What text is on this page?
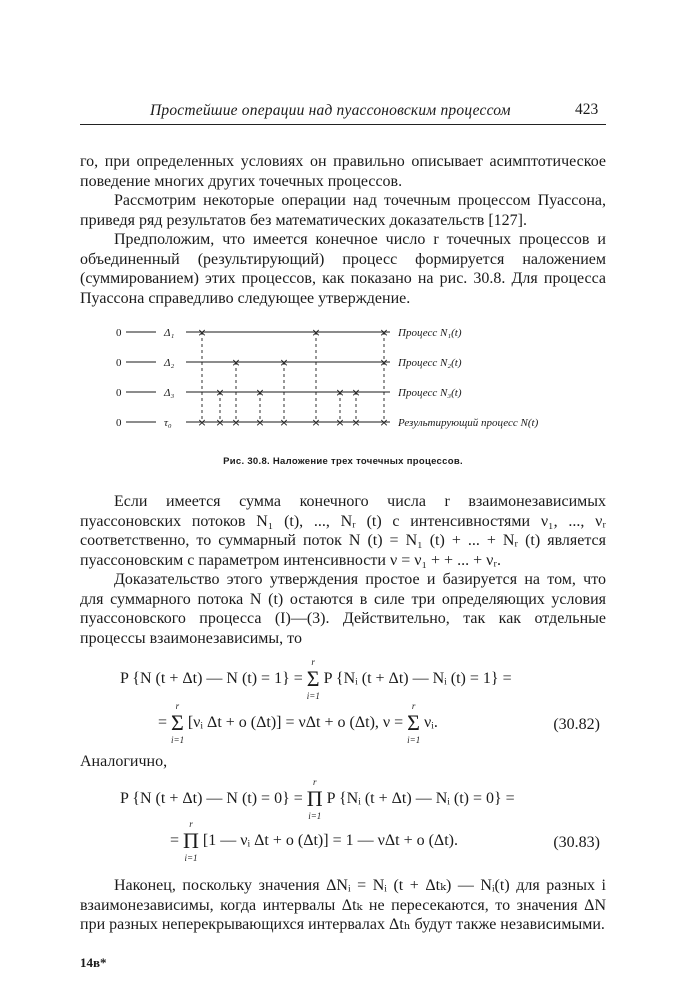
Простейшие операции над пуассоновским процессом	423

го, при определенных условиях он правильно описывает асимптотическое поведение многих других точечных процессов.

Рассмотрим некоторые операции над точечным процессом Пуассона, приведя ряд результатов без математических доказательств [127].

Предположим, что имеется конечное число r точечных процессов и объединенный (результирующий) процесс формируется наложением (суммированием) этих процессов, как показано на рис. 30.8. Для процесса Пуассона справедливо следующее утверждение.

0	Δ₁	Процесс N₁(t)
0	Δ₂	Процесс N₂(t)
0	Δ₃	Процесс N₃(t)
0	τ₀	Результирующий процесс N(t)
×	×	×
×	×	×
×	×	× ×
× × × × × × × × ×
Рис. 30.8. Наложение трех точечных процессов.

Если имеется сумма конечного числа r взаимонезависимых пуассоновских потоков N₁ (t), ..., Nᵣ (t) с интенсивностями ν₁, ..., νᵣ соответственно, то суммарный поток N (t) = N₁ (t) + ... + Nᵣ (t) является пуассоновским с параметром интенсивности ν = ν₁ + + ... + νᵣ.

Доказательство этого утверждения простое и базируется на том, что для суммарного потока N (t) остаются в силе три определяющих условия пуассоновского процесса (I)—(3). Действительно, так как отдельные процессы взаимонезависимы, то

P {N (t + Δt) — N (t) = 1} =
r
Σ
i=1
P {Nᵢ (t + Δt) — Nᵢ (t) = 1} =
=
r
Σ
i=1
[νᵢ Δt + o (Δt)] = νΔt + o (Δt), ν =
r
Σ
i=1
νᵢ.	(30.82)

Аналогично,

P {N (t + Δt) — N (t) = 0} =
r
Π
i=1
P {Nᵢ (t + Δt) — Nᵢ (t) = 0} =
=
r
Π
i=1
[1 — νᵢ Δt + o (Δt)] = 1 — νΔt + o (Δt).	(30.83)

Наконец, поскольку значения ΔNᵢ = Nᵢ (t + Δtₖ) — Nᵢ(t) для разных i взаимонезависимы, когда интервалы Δtₖ не пересекаются, то значения ΔN при разных неперекрывающихся интервалах Δtₕ будут также независимыми.

14в*
